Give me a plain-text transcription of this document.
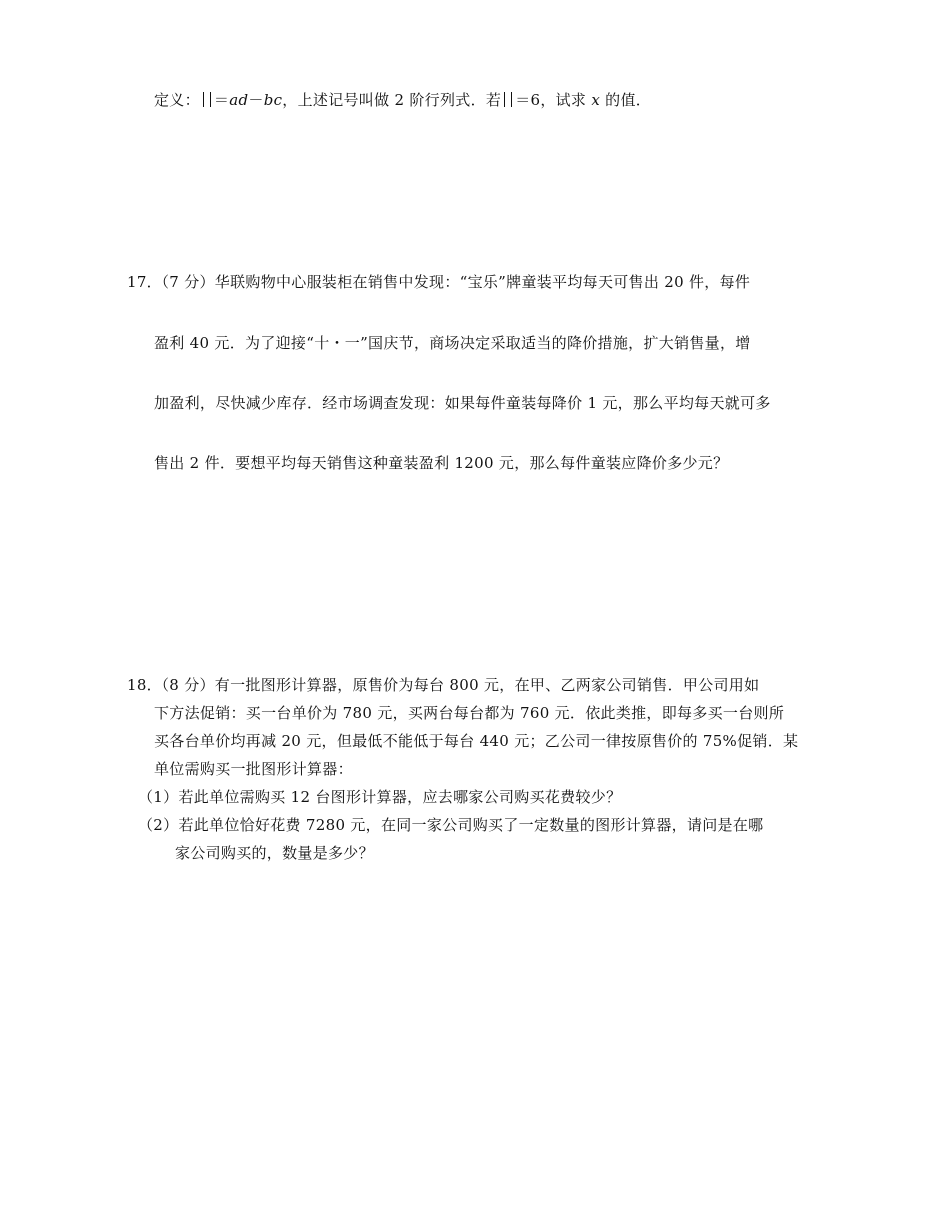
定义： ＝ad－bc，上述记号叫做 2 阶行列式．若 ＝6，试求 x 的值．
17．
（7 分）华联购物中心服装柜在销售中发现：“宝乐”牌童装平均每天可售出 20 件，每件
盈利 40 元．为了迎接“十・一”国庆节，商场决定采取适当的降价措施，扩大销售量，增
加盈利，尽快减少库存．经市场调查发现：如果每件童装每降价 1 元，那么平均每天就可多
售出 2 件．要想平均每天销售这种童装盈利 1200 元，那么每件童装应降价多少元？
18．
（8 分）有一批图形计算器，原售价为每台 800 元，在甲、乙两家公司销售．甲公司用如
下方法促销：买一台单价为 780 元，买两台每台都为 760 元．依此类推，即每多买一台则所
买各台单价均再减 20 元，但最低不能低于每台 440 元；乙公司一律按原售价的 75%促销．某
单位需购买一批图形计算器：
（1）若此单位需购买 12 台图形计算器，应去哪家公司购买花费较少？
（2）若此单位恰好花费 7280 元，在同一家公司购买了一定数量的图形计算器，请问是在哪
家公司购买的，数量是多少？
